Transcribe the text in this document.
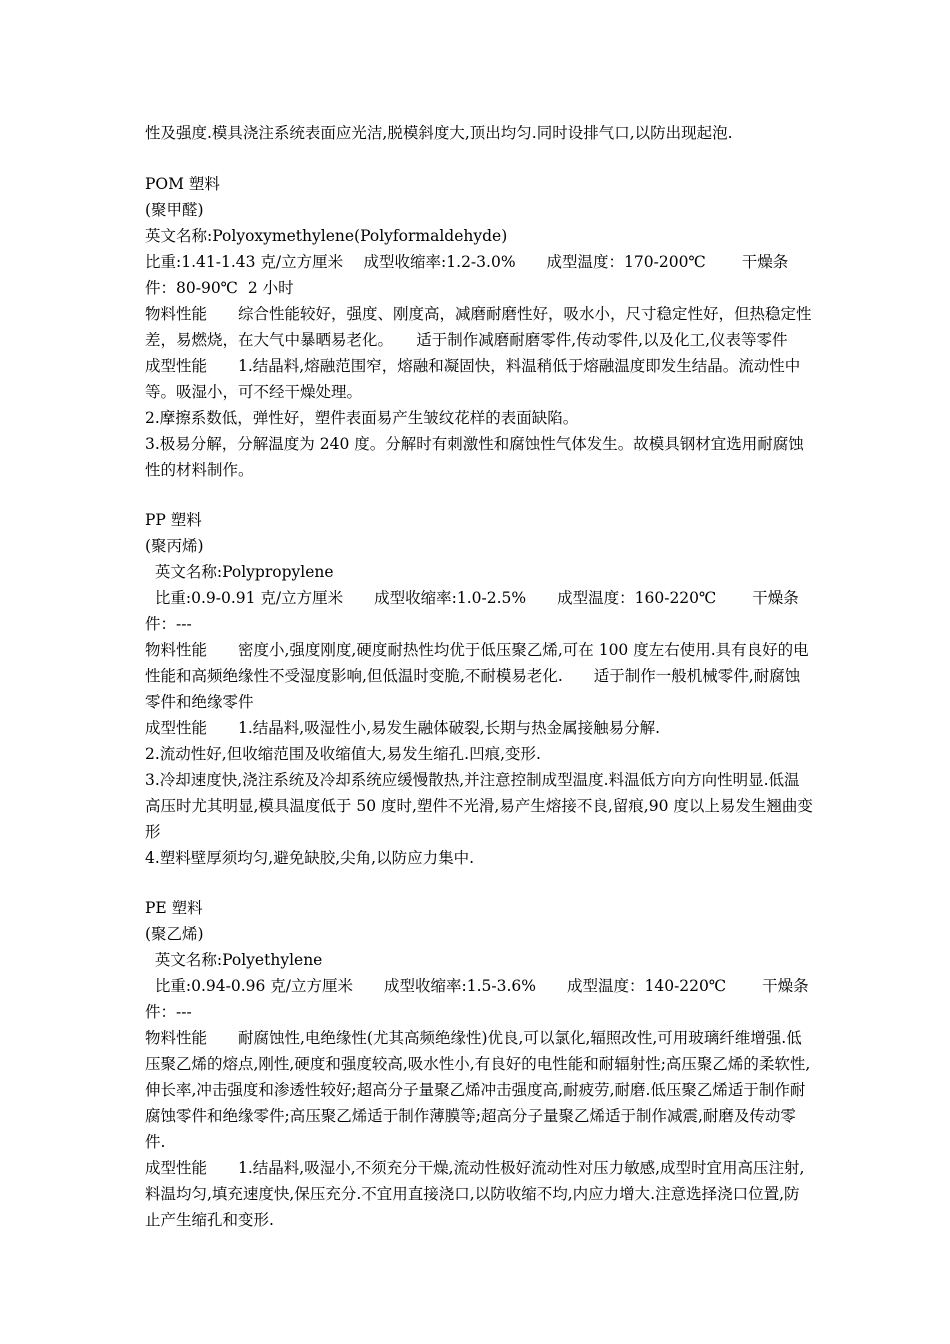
性及强度.模具浇注系统表面应光洁,脱模斜度大,顶出均匀.同时设排气口,以防出现起泡.
POM 塑料
(聚甲醛)
英文名称:Polyoxymethylene(Polyformaldehyde)
比重:1.41-1.43 克/立方厘米　 成型收缩率:1.2-3.0%　　成型温度：170-200℃　　 干燥条件：80-90℃  2 小时
物料性能　　综合性能较好，强度、刚度高，减磨耐磨性好，吸水小，尺寸稳定性好，但热稳定性差，易燃烧，在大气中暴晒易老化。　　适于制作减磨耐磨零件,传动零件,以及化工,仪表等零件
成型性能　　1.结晶料,熔融范围窄，熔融和凝固快，料温稍低于熔融温度即发生结晶。流动性中等。吸湿小，可不经干燥处理。
2.摩擦系数低，弹性好，塑件表面易产生皱纹花样的表面缺陷。
3.极易分解，分解温度为 240 度。分解时有刺激性和腐蚀性气体发生。故模具钢材宜选用耐腐蚀性的材料制作。
PP 塑料
(聚丙烯)
英文名称:Polypropylene
比重:0.9-0.91 克/立方厘米　　成型收缩率:1.0-2.5%　　成型温度：160-220℃　　 干燥条件：---
物料性能　　密度小,强度刚度,硬度耐热性均优于低压聚乙烯,可在 100 度左右使用.具有良好的电性能和高频绝缘性不受湿度影响,但低温时变脆,不耐模易老化.　　适于制作一般机械零件,耐腐蚀零件和绝缘零件
成型性能　　1.结晶料,吸湿性小,易发生融体破裂,长期与热金属接触易分解.
2.流动性好,但收缩范围及收缩值大,易发生缩孔.凹痕,变形.
3.冷却速度快,浇注系统及冷却系统应缓慢散热,并注意控制成型温度.料温低方向方向性明显.低温高压时尤其明显,模具温度低于 50 度时,塑件不光滑,易产生熔接不良,留痕,90 度以上易发生翘曲变形
4.塑料壁厚须均匀,避免缺胶,尖角,以防应力集中.
PE 塑料
(聚乙烯)
英文名称:Polyethylene
比重:0.94-0.96 克/立方厘米　　成型收缩率:1.5-3.6%　　成型温度：140-220℃　　 干燥条件：---
物料性能　　耐腐蚀性,电绝缘性(尤其高频绝缘性)优良,可以氯化,辐照改性,可用玻璃纤维增强.低压聚乙烯的熔点,刚性,硬度和强度较高,吸水性小,有良好的电性能和耐辐射性;高压聚乙烯的柔软性,伸长率,冲击强度和渗透性较好;超高分子量聚乙烯冲击强度高,耐疲劳,耐磨.低压聚乙烯适于制作耐腐蚀零件和绝缘零件;高压聚乙烯适于制作薄膜等;超高分子量聚乙烯适于制作减震,耐磨及传动零件.
成型性能　　1.结晶料,吸湿小,不须充分干燥,流动性极好流动性对压力敏感,成型时宜用高压注射,料温均匀,填充速度快,保压充分.不宜用直接浇口,以防收缩不均,内应力增大.注意选择浇口位置,防止产生缩孔和变形.
